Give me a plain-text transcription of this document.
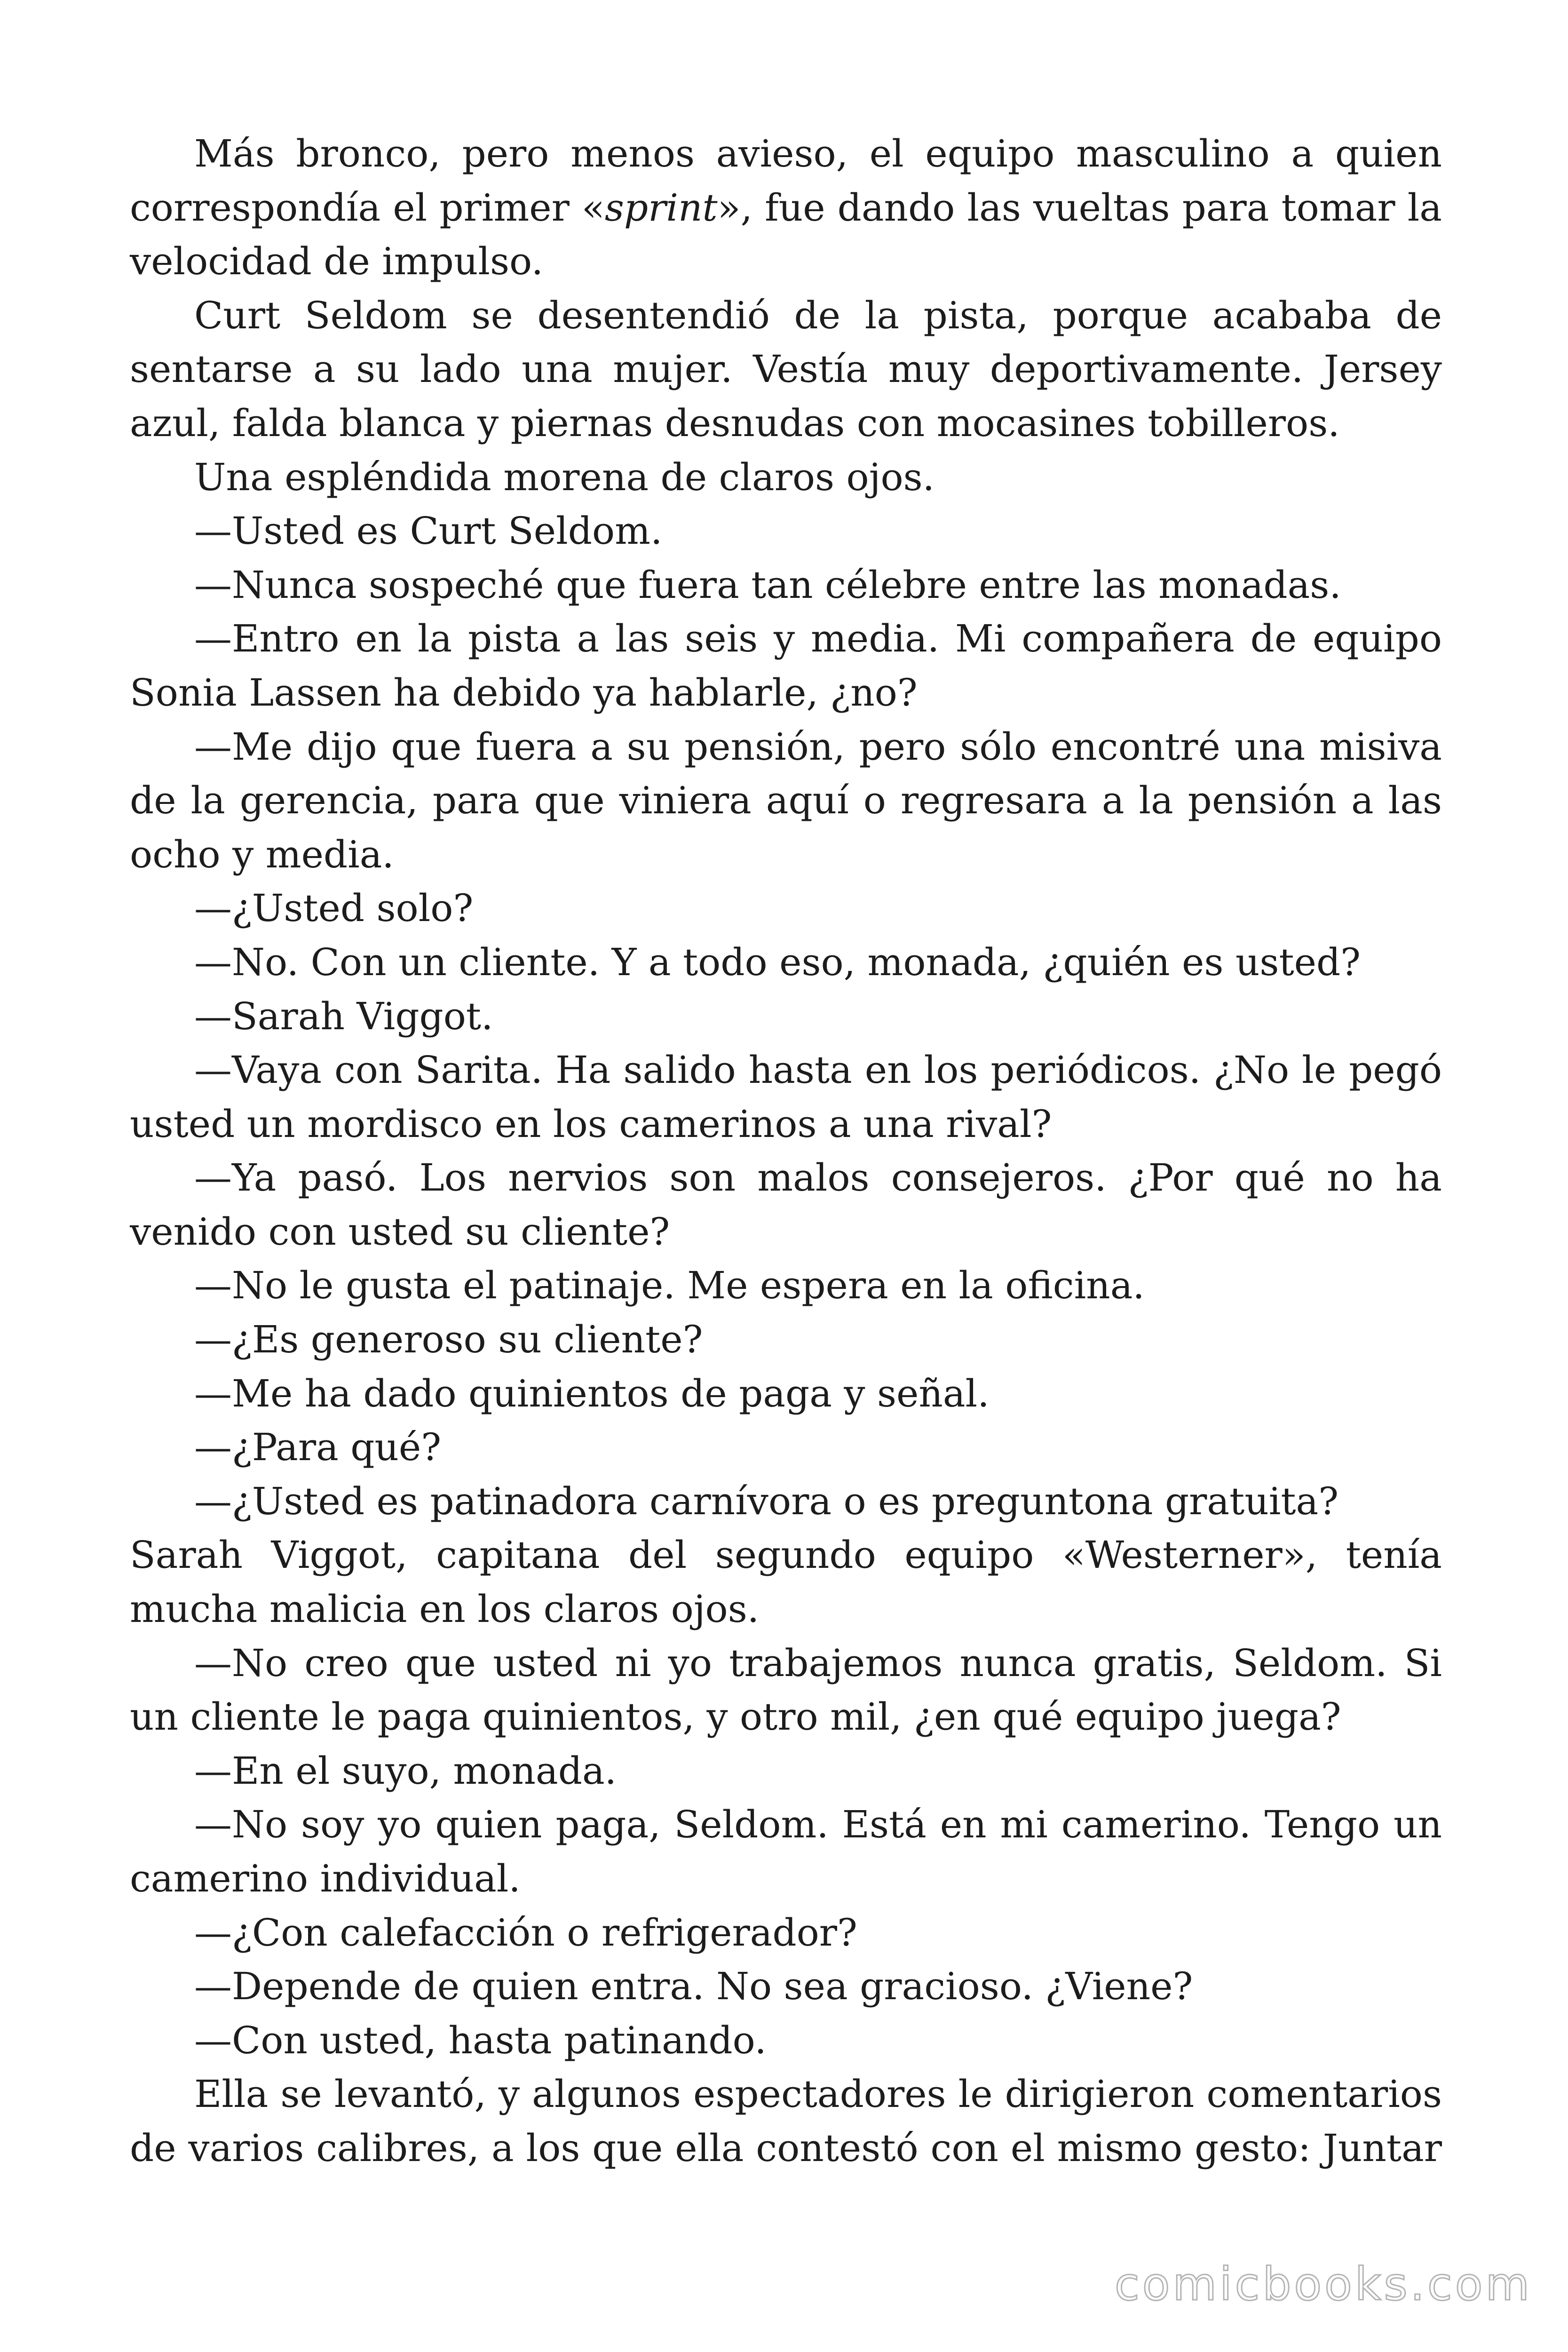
Más bronco, pero menos avieso, el equipo masculino a quien correspondía el primer «sprint», fue dando las vueltas para tomar la velocidad de impulso.

Curt Seldom se desentendió de la pista, porque acababa de sentarse a su lado una mujer. Vestía muy deportivamente. Jersey azul, falda blanca y piernas desnudas con mocasines tobilleros.

Una espléndida morena de claros ojos.

—Usted es Curt Seldom.

—Nunca sospeché que fuera tan célebre entre las monadas.

—Entro en la pista a las seis y media. Mi compañera de equipo Sonia Lassen ha debido ya hablarle, ¿no?

—Me dijo que fuera a su pensión, pero sólo encontré una misiva de la gerencia, para que viniera aquí o regresara a la pensión a las ocho y media.

—¿Usted solo?

—No. Con un cliente. Y a todo eso, monada, ¿quién es usted?

—Sarah Viggot.

—Vaya con Sarita. Ha salido hasta en los periódicos. ¿No le pegó usted un mordisco en los camerinos a una rival?

—Ya pasó. Los nervios son malos consejeros. ¿Por qué no ha venido con usted su cliente?

—No le gusta el patinaje. Me espera en la oficina.

—¿Es generoso su cliente?

—Me ha dado quinientos de paga y señal.

—¿Para qué?

—¿Usted es patinadora carnívora o es preguntona gratuita?

Sarah Viggot, capitana del segundo equipo «Westerner», tenía mucha malicia en los claros ojos.

—No creo que usted ni yo trabajemos nunca gratis, Seldom. Si un cliente le paga quinientos, y otro mil, ¿en qué equipo juega?

—En el suyo, monada.

—No soy yo quien paga, Seldom. Está en mi camerino. Tengo un camerino individual.

—¿Con calefacción o refrigerador?

—Depende de quien entra. No sea gracioso. ¿Viene?

—Con usted, hasta patinando.

Ella se levantó, y algunos espectadores le dirigieron comentarios de varios calibres, a los que ella contestó con el mismo gesto: Juntar

comicbooks.com
